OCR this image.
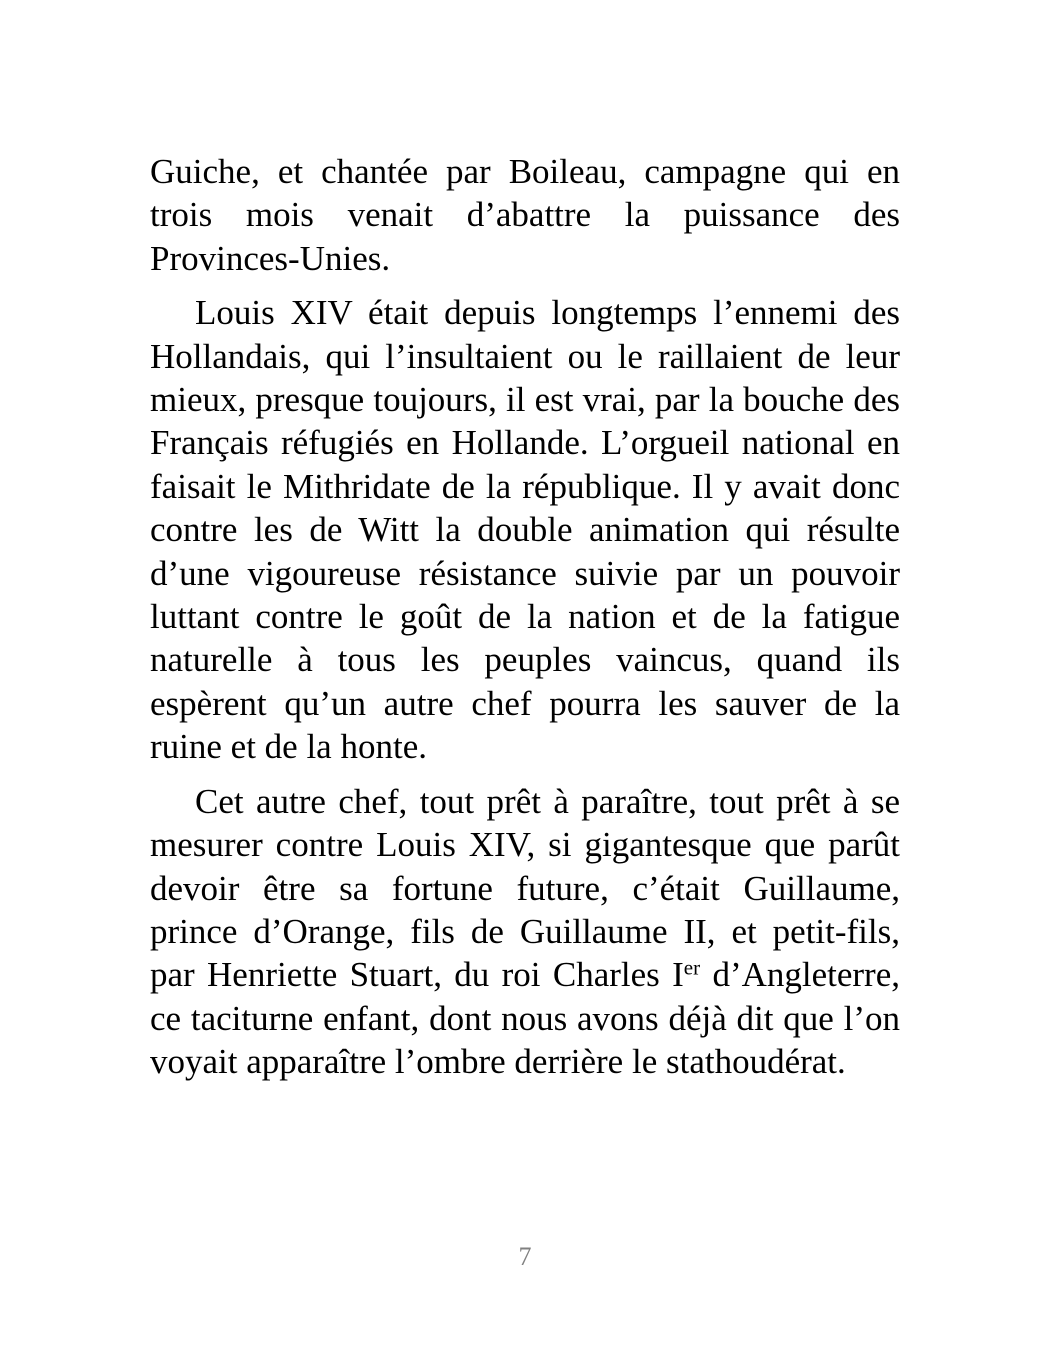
Guiche, et chantée par Boileau, campagne qui en trois mois venait d’abattre la puissance des Provinces-Unies.

Louis XIV était depuis longtemps l’ennemi des Hollandais, qui l’insultaient ou le raillaient de leur mieux, presque toujours, il est vrai, par la bouche des Français réfugiés en Hollande. L’orgueil national en faisait le Mithridate de la république. Il y avait donc contre les de Witt la double animation qui résulte d’une vigoureuse résistance suivie par un pouvoir luttant contre le goût de la nation et de la fatigue naturelle à tous les peuples vaincus, quand ils espèrent qu’un autre chef pourra les sauver de la ruine et de la honte.

Cet autre chef, tout prêt à paraître, tout prêt à se mesurer contre Louis XIV, si gigantesque que parût devoir être sa fortune future, c’était Guillaume, prince d’Orange, fils de Guillaume II, et petit-fils, par Henriette Stuart, du roi Charles Ier d’Angleterre, ce taciturne enfant, dont nous avons déjà dit que l’on voyait apparaître l’ombre derrière le stathoudérat.

7
